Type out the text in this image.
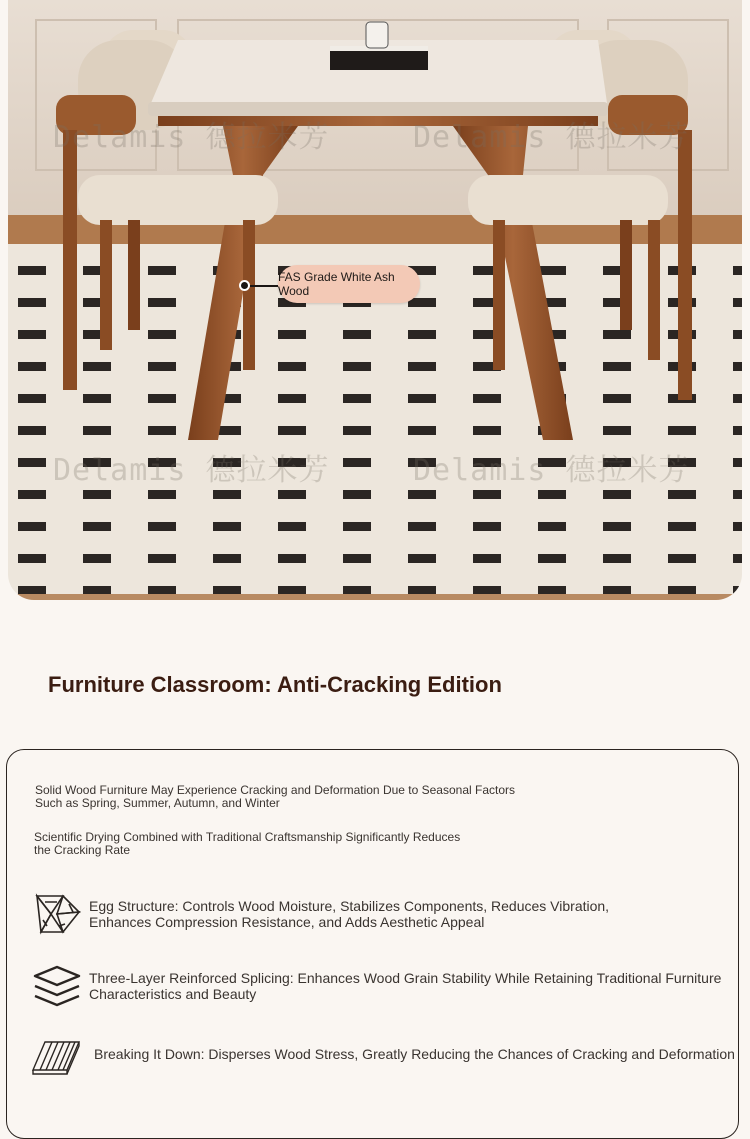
Delamis 德拉米芳	Delamis 德拉米芳
Delamis 德拉米芳	Delamis 德拉米芳
FAS Grade White Ash Wood
Furniture Classroom: Anti-Cracking Edition

Solid Wood Furniture May Experience Cracking and Deformation Due to Seasonal Factors
Such as Spring, Summer, Autumn, and Winter

Scientific Drying Combined with Traditional Craftsmanship Significantly Reduces
the Cracking Rate

Egg Structure: Controls Wood Moisture, Stabilizes Components, Reduces Vibration,
Enhances Compression Resistance, and Adds Aesthetic Appeal
Three-Layer Reinforced Splicing: Enhances Wood Grain Stability While Retaining Traditional Furniture
Characteristics and Beauty
Breaking It Down: Disperses Wood Stress, Greatly Reducing the Chances of Cracking and Deformation
